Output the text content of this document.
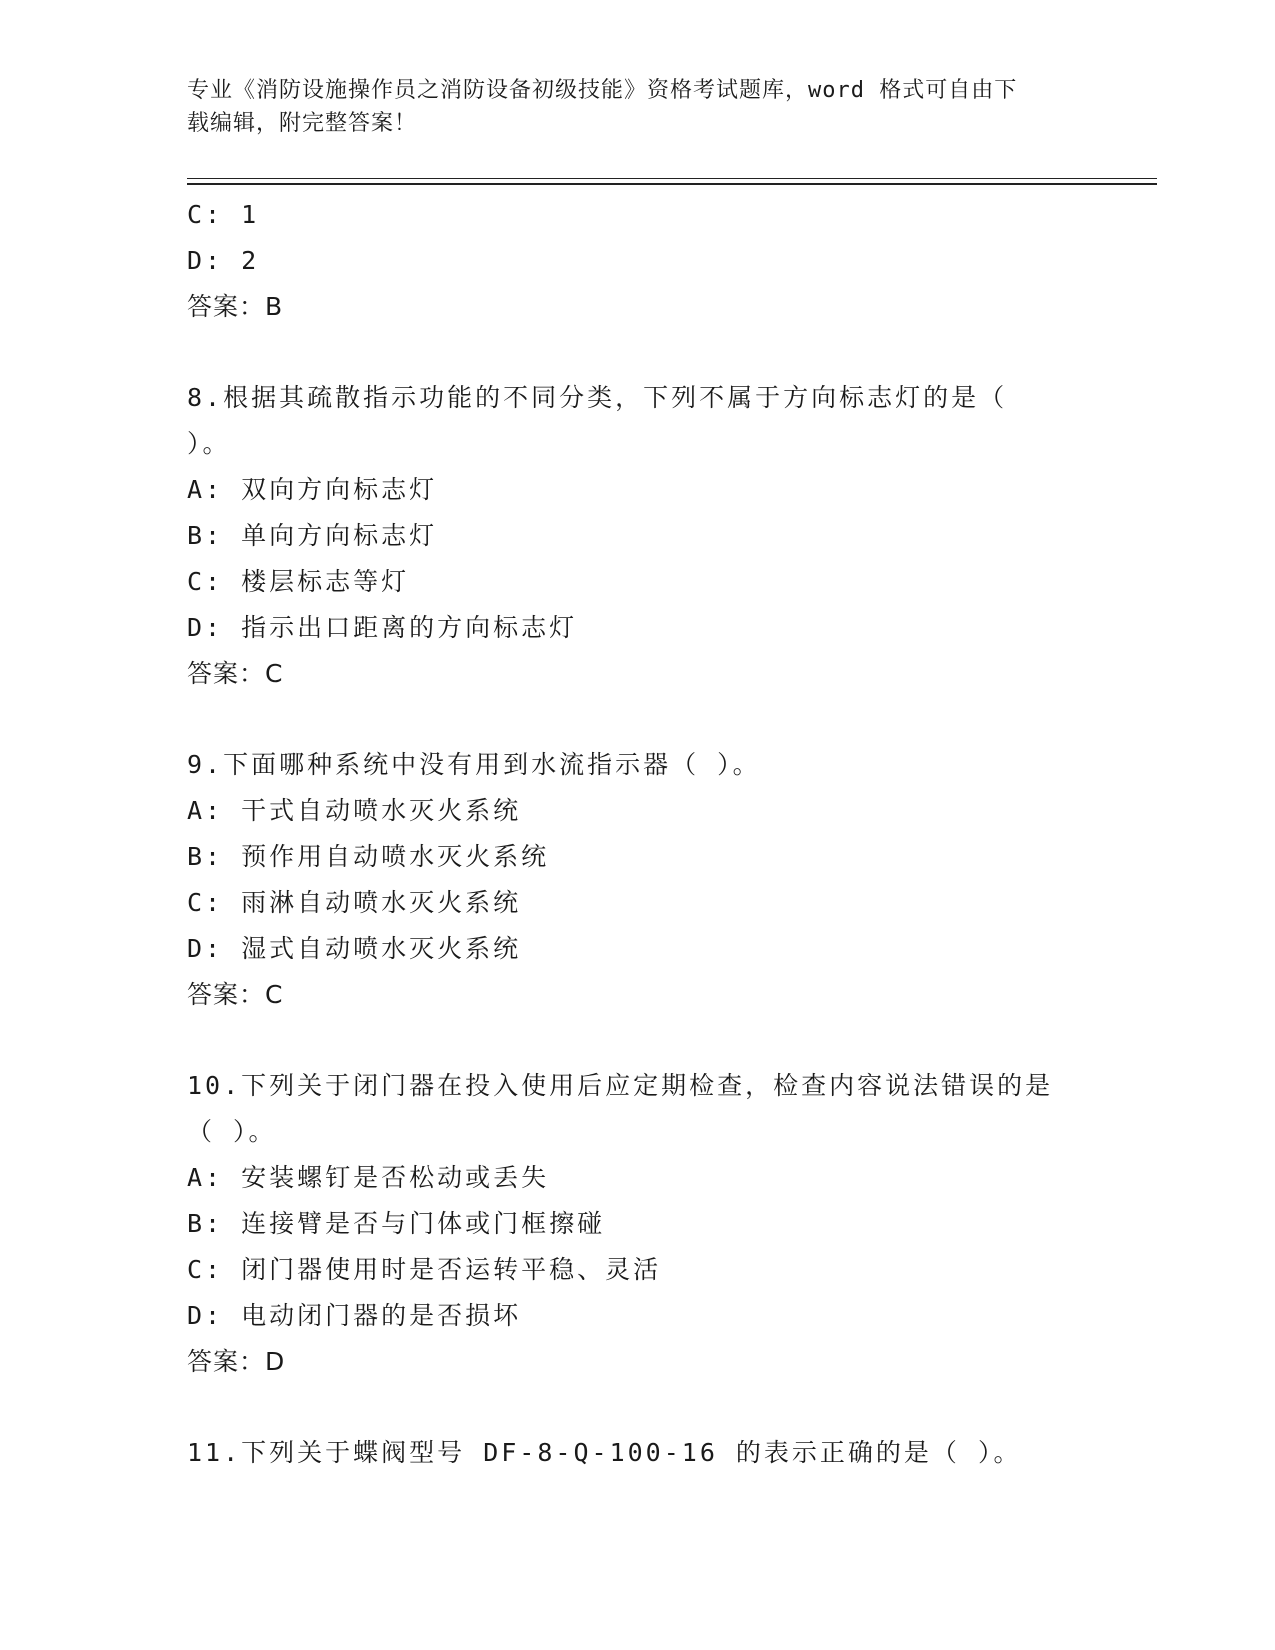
专业《消防设施操作员之消防设备初级技能》资格考试题库，word 格式可自由下
载编辑，附完整答案！
C: 1
D: 2
答案：B
8.根据其疏散指示功能的不同分类，下列不属于方向标志灯的是（
）。
A: 双向方向标志灯
B: 单向方向标志灯
C: 楼层标志等灯
D: 指示出口距离的方向标志灯
答案：C
9.下面哪种系统中没有用到水流指示器（ ）。
A: 干式自动喷水灭火系统
B: 预作用自动喷水灭火系统
C: 雨淋自动喷水灭火系统
D: 湿式自动喷水灭火系统
答案：C
10.下列关于闭门器在投入使用后应定期检查，检查内容说法错误的是
（ ）。
A: 安装螺钉是否松动或丢失
B: 连接臂是否与门体或门框擦碰
C: 闭门器使用时是否运转平稳、灵活
D: 电动闭门器的是否损坏
答案：D
11.下列关于蝶阀型号 DF-8-Q-100-16 的表示正确的是（ ）。
